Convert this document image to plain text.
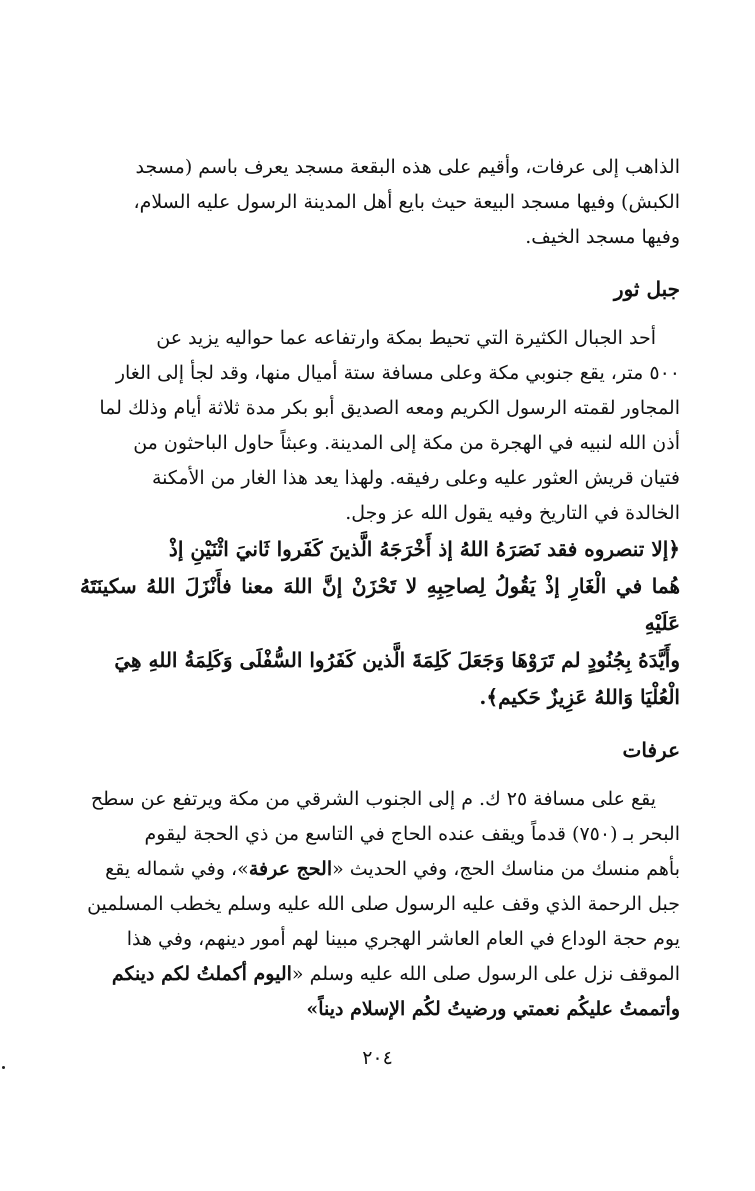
الذاهب إلى عرفات، وأقيم على هذه البقعة مسجد يعرف باسم (مسجد
الكبش) وفيها مسجد البيعة حيث بايع أهل المدينة الرسول عليه السلام،
وفيها مسجد الخيف.

جبل ثور

أحد الجبال الكثيرة التي تحيط بمكة وارتفاعه عما حواليه يزيد عن
٥٠٠ متر، يقع جنوبي مكة وعلى مسافة ستة أميال منها، وقد لجأ إلى الغار
المجاور لقمته الرسول الكريم ومعه الصديق أبو بكر مدة ثلاثة أيام وذلك لما
أذن الله لنبيه في الهجرة من مكة إلى المدينة. وعبثاً حاول الباحثون من
فتيان قريش العثور عليه وعلى رفيقه. ولهذا يعد هذا الغار من الأمكنة
الخالدة في التاريخ وفيه يقول الله عز وجل.

﴿إلا تنصروه فقد نَصَرَهُ اللهُ إذ أَخْرَجَهُ الَّذينَ كَفَروا ثَانيَ اثْنَيْنِ إذْ
هُما في الْغَارِ إذْ يَقُولُ لِصاحِبِهِ لا تَحْزَنْ إنَّ اللهَ معنا فأَنْزَلَ اللهُ سكينَتَهُ عَلَيْهِ
وأَيَّدَهُ بِجُنُودٍ لم تَرَوْهَا وَجَعَلَ كَلِمَةَ الَّذين كَفَرُوا السُّفْلَى وَكَلِمَةُ اللهِ هِيَ
الْعُلْيَا وَاللهُ عَزِيزٌ حَكيم﴾.

عرفات

يقع على مسافة ٢٥ ك. م إلى الجنوب الشرقي من مكة ويرتفع عن سطح
البحر بـ (٧٥٠) قدماً ويقف عنده الحاج في التاسع من ذي الحجة ليقوم
بأهم منسك من مناسك الحج، وفي الحديث «الحج عرفة»، وفي شماله يقع
جبل الرحمة الذي وقف عليه الرسول صلى الله عليه وسلم يخطب المسلمين
يوم حجة الوداع في العام العاشر الهجري مبينا لهم أمور دينهم، وفي هذا
الموقف نزل على الرسول صلى الله عليه وسلم «اليوم أكملتُ لكم دينكم
وأتممتُ عليكُم نعمتي ورضيتُ لكُم الإسلام ديناً»

٢٠٤
